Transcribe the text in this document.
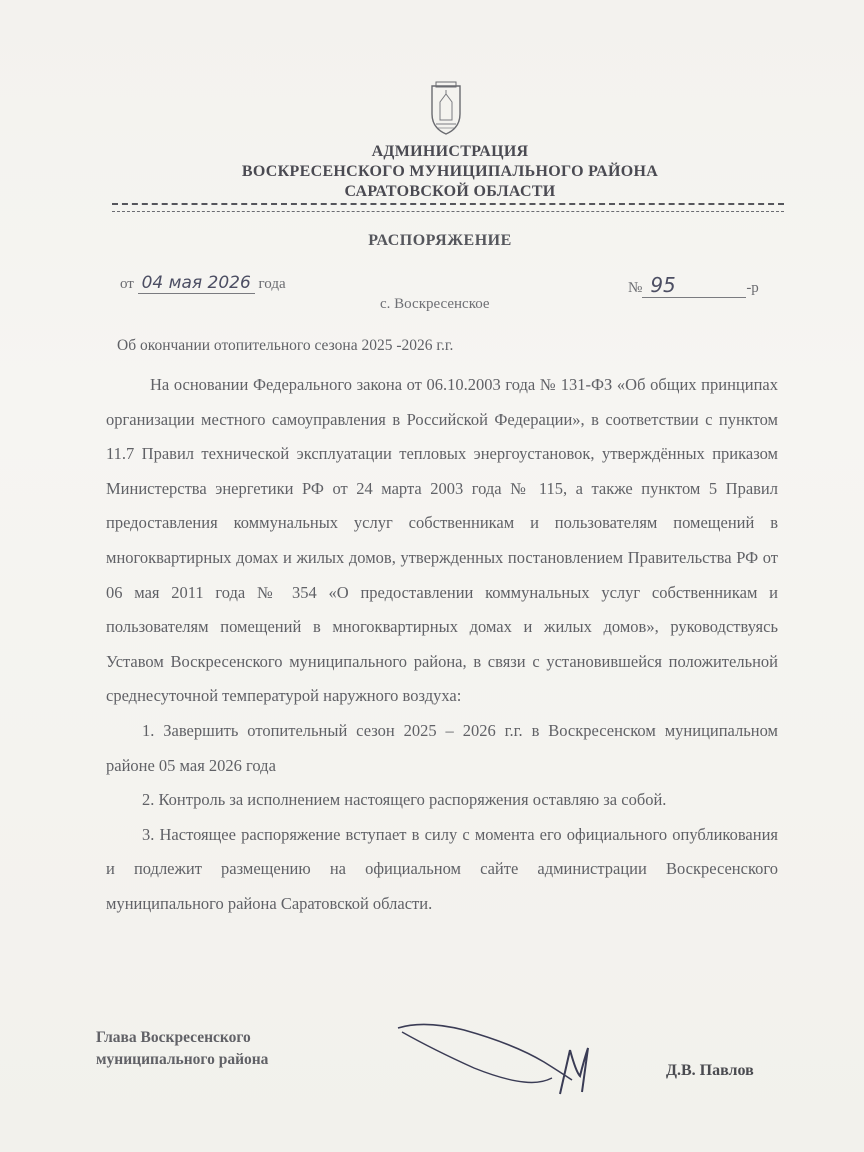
АДМИНИСТРАЦИЯ
ВОСКРЕСЕНСКОГО МУНИЦИПАЛЬНОГО РАЙОНА
САРАТОВСКОЙ ОБЛАСТИ
РАСПОРЯЖЕНИЕ
от 04 мая 2026 года	№ 95	-р
с. Воскресенское
Об окончании отопительного сезона 2025 -2026 г.г.

На основании Федерального закона от 06.10.2003 года № 131-ФЗ «Об общих принципах организации местного самоуправления в Российской Федерации», в соответствии с пунктом 11.7 Правил технической эксплуатации тепловых энергоустановок, утверждённых приказом Министерства энергетики РФ от 24 марта 2003 года № 115, а также пунктом 5 Правил предоставления коммунальных услуг собственникам и пользователям помещений в многоквартирных домах и жилых домов, утвержденных постановлением Правительства РФ от 06 мая 2011 года № 354 «О предоставлении коммунальных услуг собственникам и пользователям помещений в многоквартирных домах и жилых домов», руководствуясь Уставом Воскресенского муниципального района, в связи с установившейся положительной среднесуточной температурой наружного воздуха:

1. Завершить отопительный сезон 2025 – 2026 г.г. в Воскресенском муниципальном районе 05 мая 2026 года

2. Контроль за исполнением настоящего распоряжения оставляю за собой.

3. Настоящее распоряжение вступает в силу с момента его официального опубликования и подлежит размещению на официальном сайте администрации Воскресенского муниципального района Саратовской области.

Глава Воскресенского
муниципального района
Д.В. Павлов
